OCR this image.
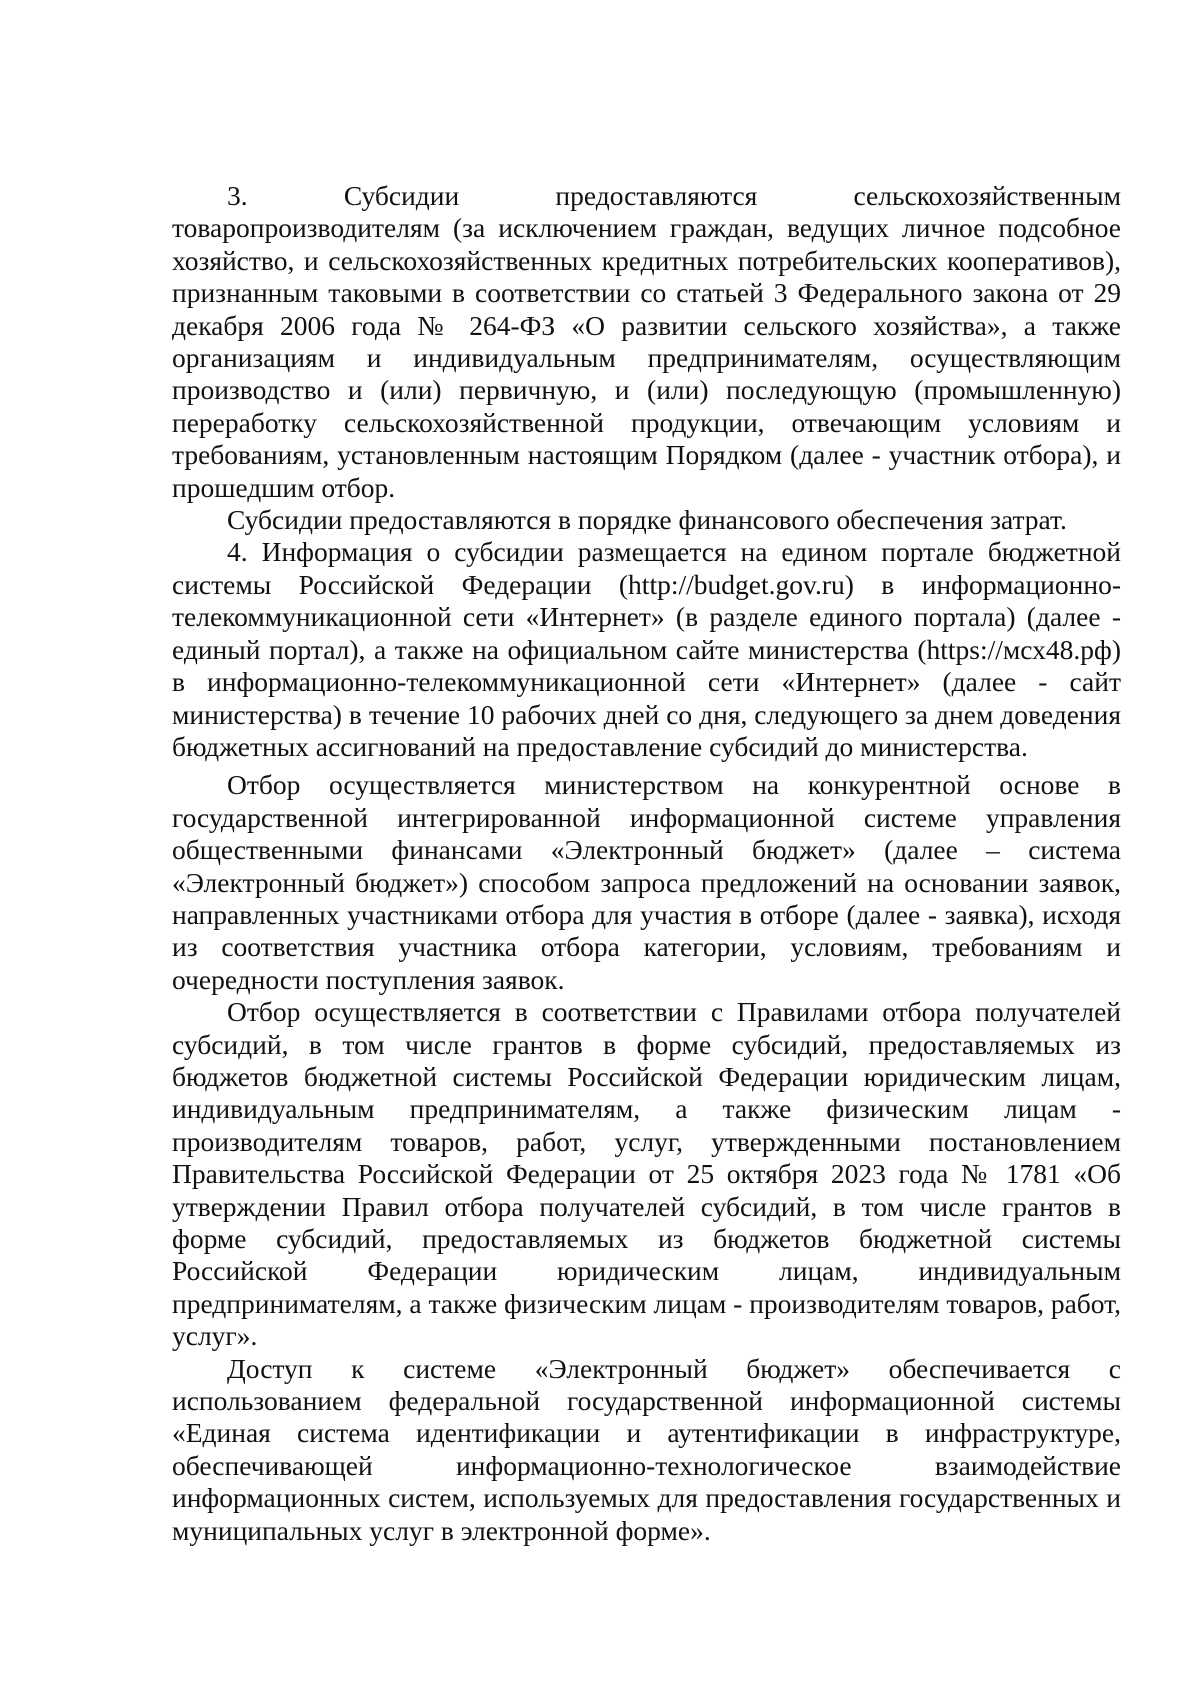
3. Субсидии предоставляются сельскохозяйственным товаропроизводителям (за исключением граждан, ведущих личное подсобное хозяйство, и сельскохозяйственных кредитных потребительских кооперативов), признанным таковыми в соответствии со статьей 3 Федерального закона от 29 декабря 2006 года № 264-ФЗ «О развитии сельского хозяйства», а также организациям и индивидуальным предпринимателям, осуществляющим производство и (или) первичную, и (или) последующую (промышленную) переработку сельскохозяйственной продукции, отвечающим условиям и требованиям, установленным настоящим Порядком (далее - участник отбора), и прошедшим отбор.

Субсидии предоставляются в порядке финансового обеспечения затрат.

4. Информация о субсидии размещается на едином портале бюджетной системы Российской Федерации (http://budget.gov.ru) в информационно-телекоммуникационной сети «Интернет» (в разделе единого портала) (далее - единый портал), а также на официальном сайте министерства (https://мсх48.рф) в информационно-телекоммуникационной сети «Интернет» (далее - сайт министерства) в течение 10 рабочих дней со дня, следующего за днем доведения бюджетных ассигнований на предоставление субсидий до министерства.

Отбор осуществляется министерством на конкурентной основе в государственной интегрированной информационной системе управления общественными финансами «Электронный бюджет» (далее – система «Электронный бюджет») способом запроса предложений на основании заявок, направленных участниками отбора для участия в отборе (далее - заявка), исходя из соответствия участника отбора категории, условиям, требованиям и очередности поступления заявок.

Отбор осуществляется в соответствии с Правилами отбора получателей субсидий, в том числе грантов в форме субсидий, предоставляемых из бюджетов бюджетной системы Российской Федерации юридическим лицам, индивидуальным предпринимателям, а также физическим лицам - производителям товаров, работ, услуг, утвержденными постановлением Правительства Российской Федерации от 25 октября 2023 года № 1781 «Об утверждении Правил отбора получателей субсидий, в том числе грантов в форме субсидий, предоставляемых из бюджетов бюджетной системы Российской Федерации юридическим лицам, индивидуальным предпринимателям, а также физическим лицам - производителям товаров, работ, услуг».

Доступ к системе «Электронный бюджет» обеспечивается с использованием федеральной государственной информационной системы «Единая система идентификации и аутентификации в инфраструктуре, обеспечивающей информационно-технологическое взаимодействие информационных систем, используемых для предоставления государственных и муниципальных услуг в электронной форме».
